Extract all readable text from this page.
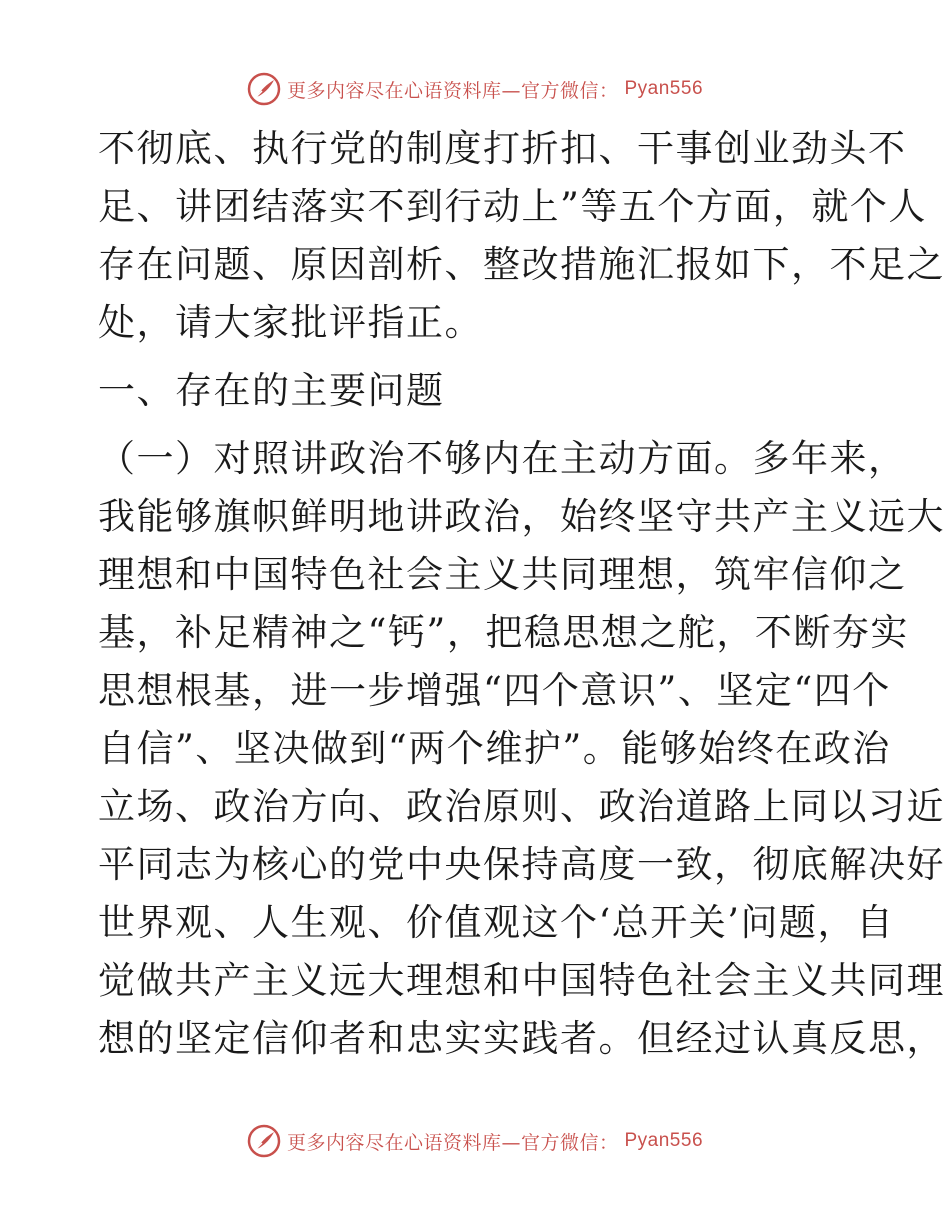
更多内容尽在心语资料库—官方微信： Pyan556
不彻底、执行党的制度打折扣、干事创业劲头不
足、讲团结落实不到行动上”等五个方面，就个人
存在问题、原因剖析、整改措施汇报如下，不足之
处，请大家批评指正。
一、存在的主要问题
（一）对照讲政治不够内在主动方面。多年来，
我能够旗帜鲜明地讲政治，始终坚守共产主义远大
理想和中国特色社会主义共同理想，筑牢信仰之
基，补足精神之“钙”，把稳思想之舵，不断夯实
思想根基，进一步增强“四个意识”、坚定“四个
自信”、坚决做到“两个维护”。能够始终在政治
立场、政治方向、政治原则、政治道路上同以习近
平同志为核心的党中央保持高度一致，彻底解决好
世界观、人生观、价值观这个‘总开关’问题，自
觉做共产主义远大理想和中国特色社会主义共同理
想的坚定信仰者和忠实实践者。但经过认真反思，
更多内容尽在心语资料库—官方微信： Pyan556
